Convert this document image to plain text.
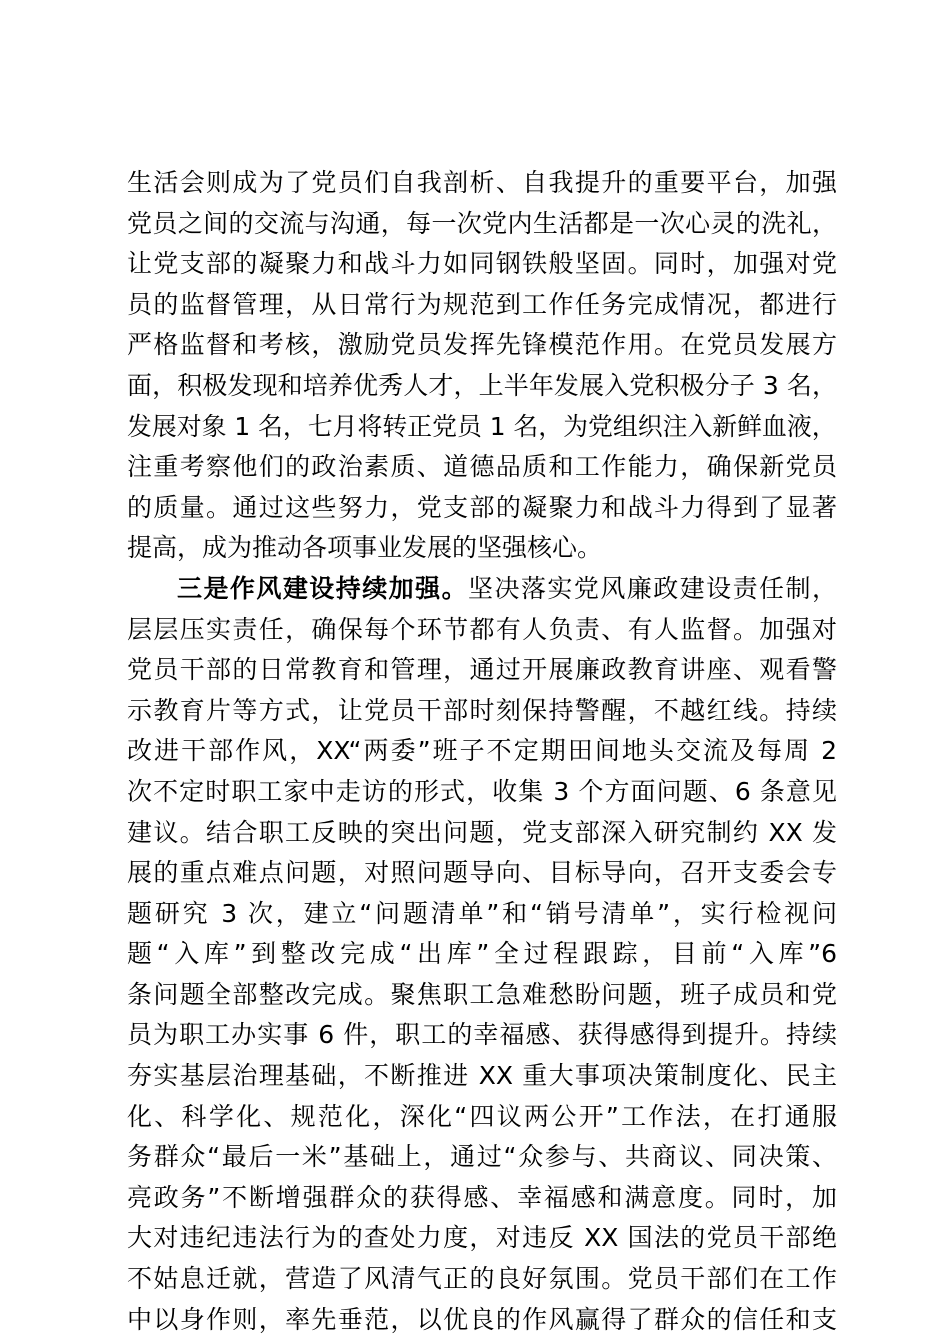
生活会则成为了党员们自我剖析、自我提升的重要平台，加强
党员之间的交流与沟通，每一次党内生活都是一次心灵的洗礼，
让党支部的凝聚力和战斗力如同钢铁般坚固。同时，加强对党
员的监督管理，从日常行为规范到工作任务完成情况，都进行
严格监督和考核，激励党员发挥先锋模范作用。在党员发展方
面，积极发现和培养优秀人才，上半年发展入党积极分子 3 名，
发展对象 1 名，七月将转正党员 1 名，为党组织注入新鲜血液，
注重考察他们的政治素质、道德品质和工作能力，确保新党员
的质量。通过这些努力，党支部的凝聚力和战斗力得到了显著
提高，成为推动各项事业发展的坚强核心。
三是作风建设持续加强。坚决落实党风廉政建设责任制，
层层压实责任，确保每个环节都有人负责、有人监督。加强对
党员干部的日常教育和管理，通过开展廉政教育讲座、观看警
示教育片等方式，让党员干部时刻保持警醒，不越红线。持续
改进干部作风，XX“两委”班子不定期田间地头交流及每周 2
次不定时职工家中走访的形式，收集 3 个方面问题、6 条意见
建议。结合职工反映的突出问题，党支部深入研究制约 XX 发
展的重点难点问题，对照问题导向、目标导向，召开支委会专
题研究 3 次，建立“问题清单”和“销号清单”，实行检视问
题“入库”到整改完成“出库”全过程跟踪，目前“入库”6
条问题全部整改完成。聚焦职工急难愁盼问题，班子成员和党
员为职工办实事 6 件，职工的幸福感、获得感得到提升。持续
夯实基层治理基础，不断推进 XX 重大事项决策制度化、民主
化、科学化、规范化，深化“四议两公开”工作法，在打通服
务群众“最后一米”基础上，通过“众参与、共商议、同决策、
亮政务”不断增强群众的获得感、幸福感和满意度。同时，加
大对违纪违法行为的查处力度，对违反 XX 国法的党员干部绝
不姑息迁就，营造了风清气正的良好氛围。党员干部们在工作
中以身作则，率先垂范，以优良的作风赢得了群众的信任和支
